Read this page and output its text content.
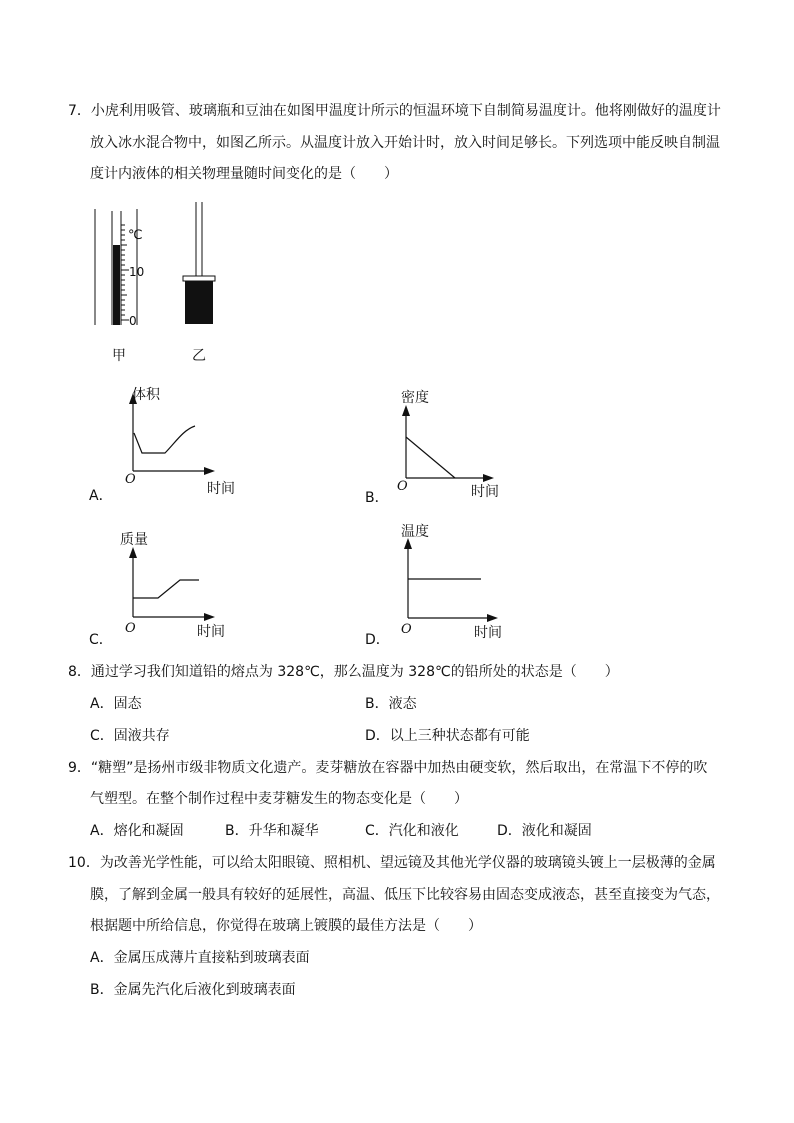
7．小虎利用吸管、玻璃瓶和豆油在如图甲温度计所示的恒温环境下自制简易温度计。他将刚做好的温度计
放入冰水混合物中，如图乙所示。从温度计放入开始计时，放入时间足够长。下列选项中能反映自制温
度计内液体的相关物理量随时间变化的是（　　）
℃
10
0
甲	乙
体积
O
时间
A．
密度
O	时间
B．
质量
O	时间
C．
温度
O	时间
D．
8．通过学习我们知道铅的熔点为 328℃，那么温度为 328℃的铅所处的状态是（　　）
A．固态	B．液态
C．固液共存	D．以上三种状态都有可能
9．“糖塑”是扬州市级非物质文化遗产。麦芽糖放在容器中加热由硬变软，然后取出，在常温下不停的吹
气塑型。在整个制作过程中麦芽糖发生的物态变化是（　　）
A．熔化和凝固	B．升华和凝华	C．汽化和液化	D．液化和凝固
10．为改善光学性能，可以给太阳眼镜、照相机、望远镜及其他光学仪器的玻璃镜头镀上一层极薄的金属
膜，了解到金属一般具有较好的延展性，高温、低压下比较容易由固态变成液态，甚至直接变为气态，
根据题中所给信息，你觉得在玻璃上镀膜的最佳方法是（　　）
A．金属压成薄片直接粘到玻璃表面
B．金属先汽化后液化到玻璃表面
